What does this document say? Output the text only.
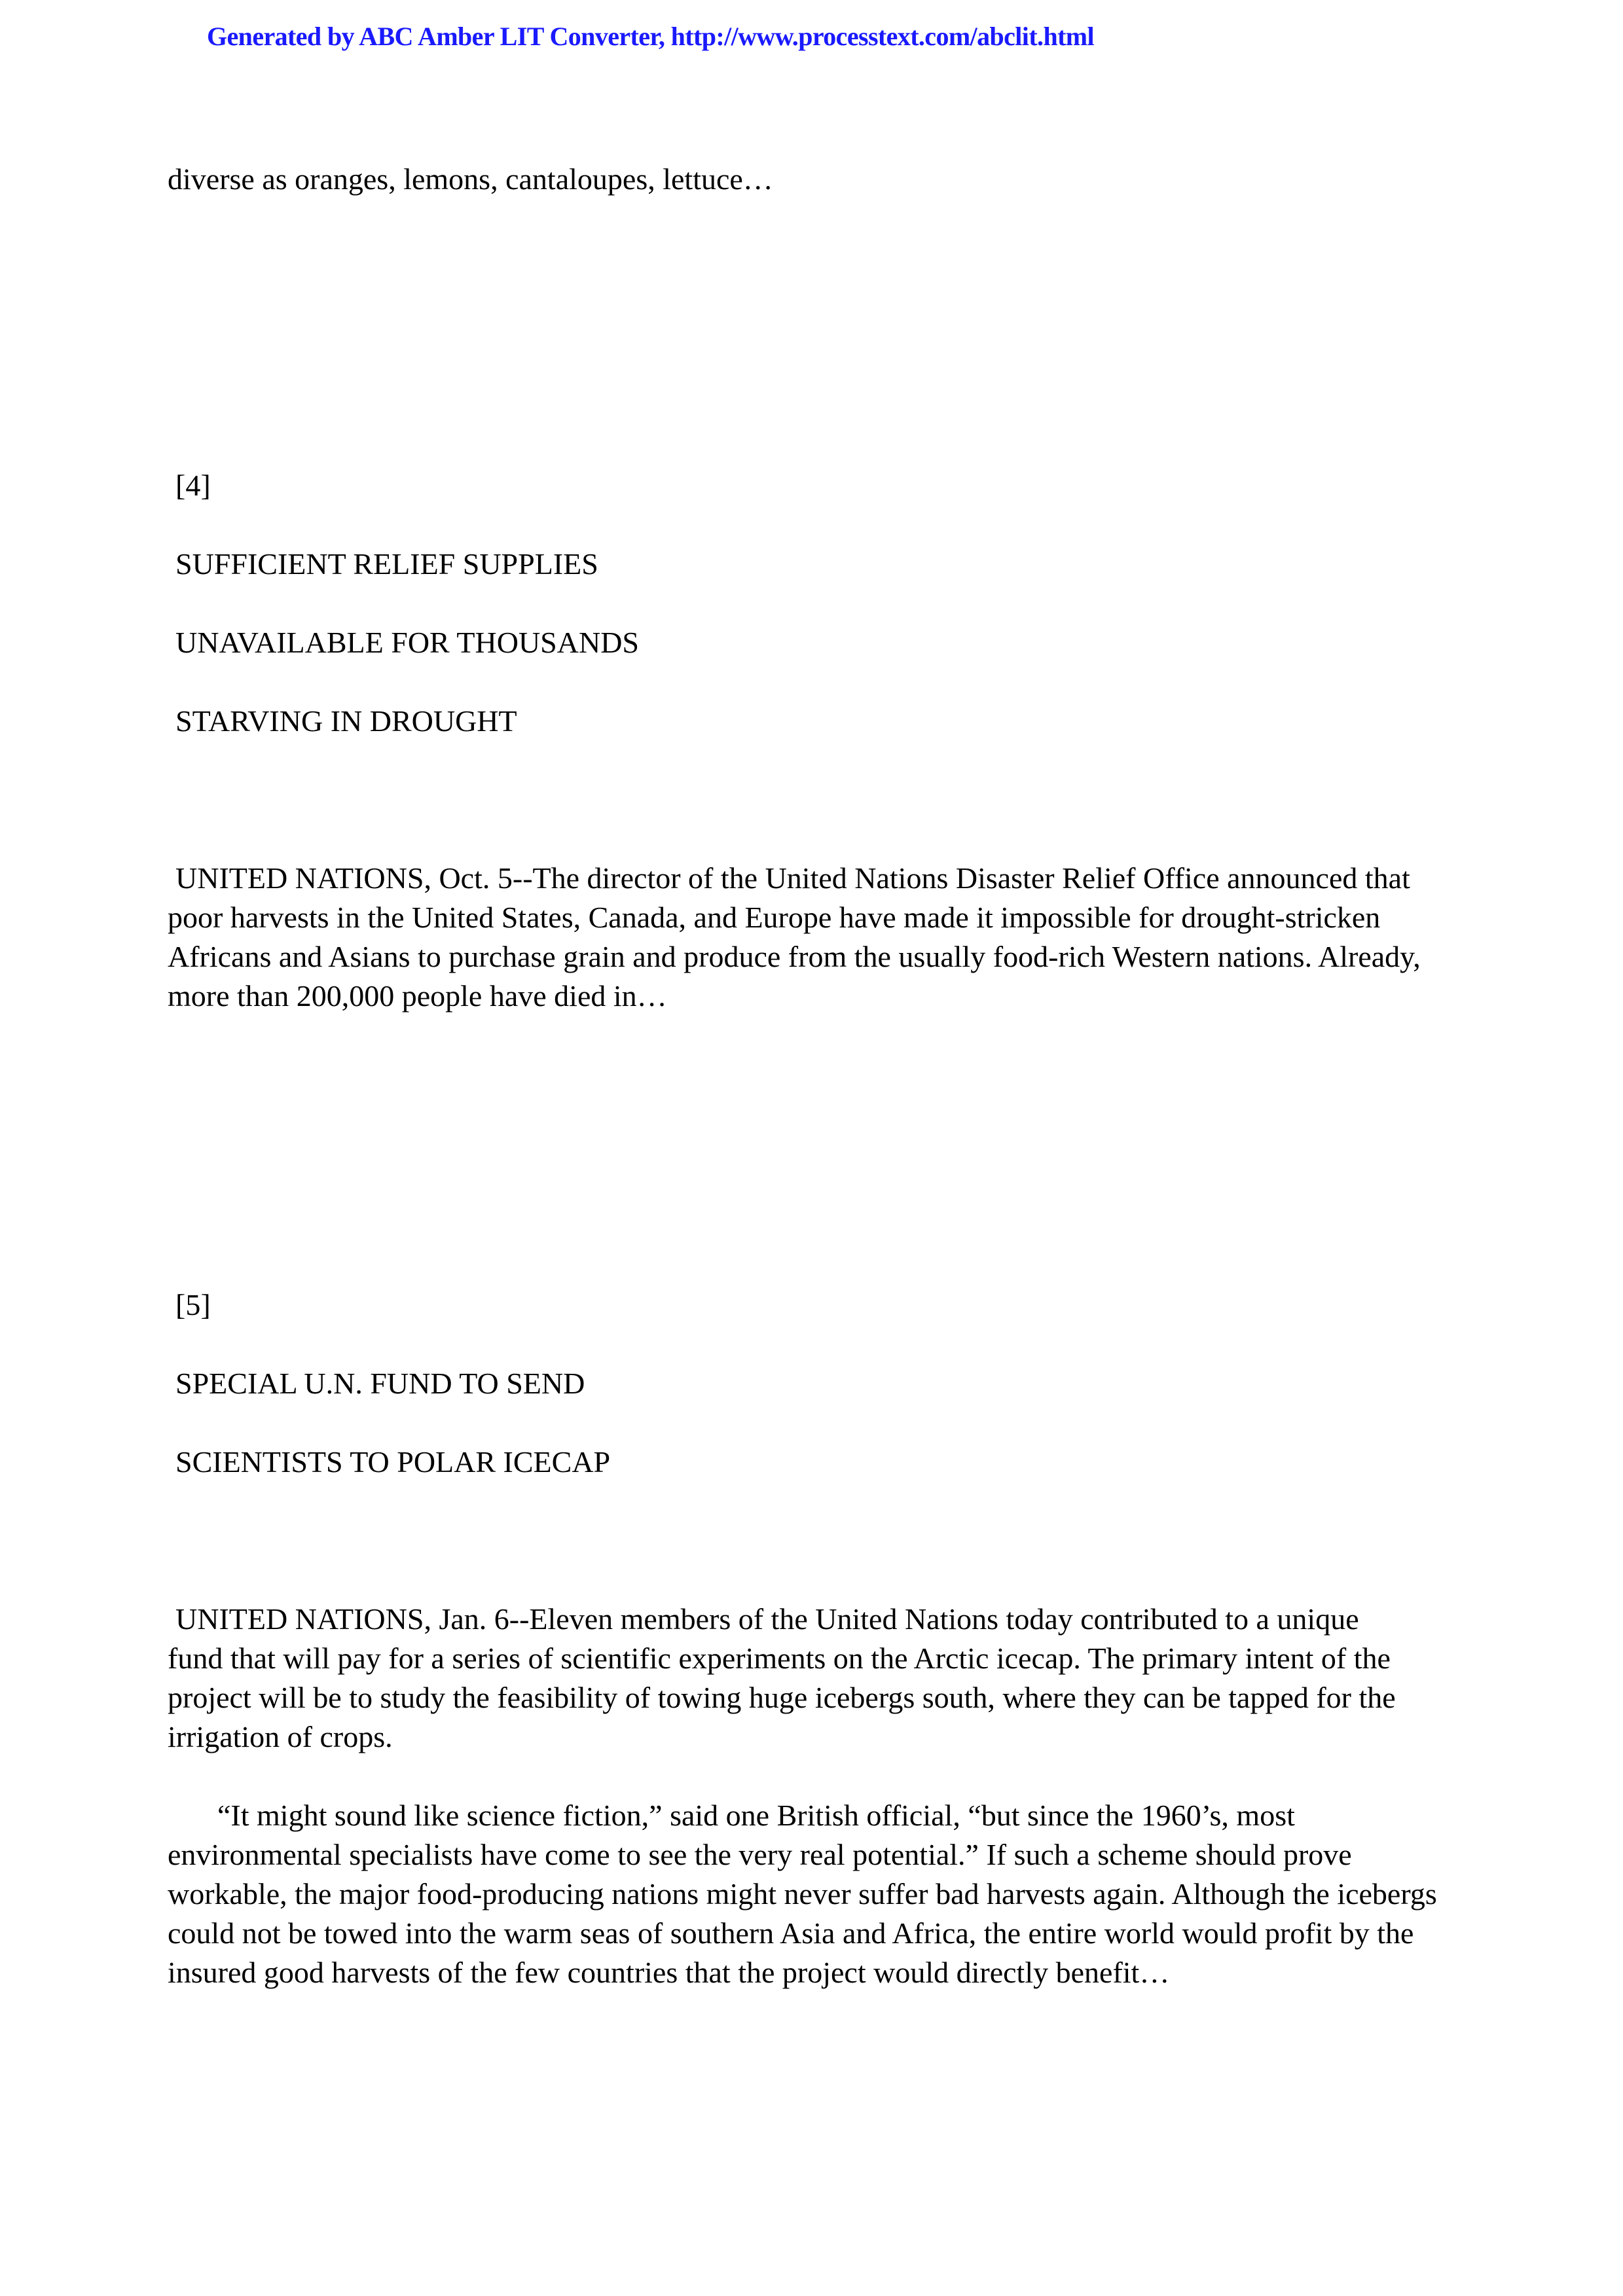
Generated by ABC Amber LIT Converter, http://www.processtext.com/abclit.html
diverse as oranges, lemons, cantaloupes, lettuce…
[4]
SUFFICIENT RELIEF SUPPLIES
UNAVAILABLE FOR THOUSANDS
STARVING IN DROUGHT
UNITED NATIONS, Oct. 5--The director of the United Nations Disaster Relief Office announced that
poor harvests in the United States, Canada, and Europe have made it impossible for drought-stricken
Africans and Asians to purchase grain and produce from the usually food-rich Western nations. Already,
more than 200,000 people have died in…
[5]
SPECIAL U.N. FUND TO SEND
SCIENTISTS TO POLAR ICECAP
UNITED NATIONS, Jan. 6--Eleven members of the United Nations today contributed to a unique
fund that will pay for a series of scientific experiments on the Arctic icecap. The primary intent of the
project will be to study the feasibility of towing huge icebergs south, where they can be tapped for the
irrigation of crops.
“It might sound like science fiction,” said one British official, “but since the 1960’s, most
environmental specialists have come to see the very real potential.” If such a scheme should prove
workable, the major food-producing nations might never suffer bad harvests again. Although the icebergs
could not be towed into the warm seas of southern Asia and Africa, the entire world would profit by the
insured good harvests of the few countries that the project would directly benefit…
